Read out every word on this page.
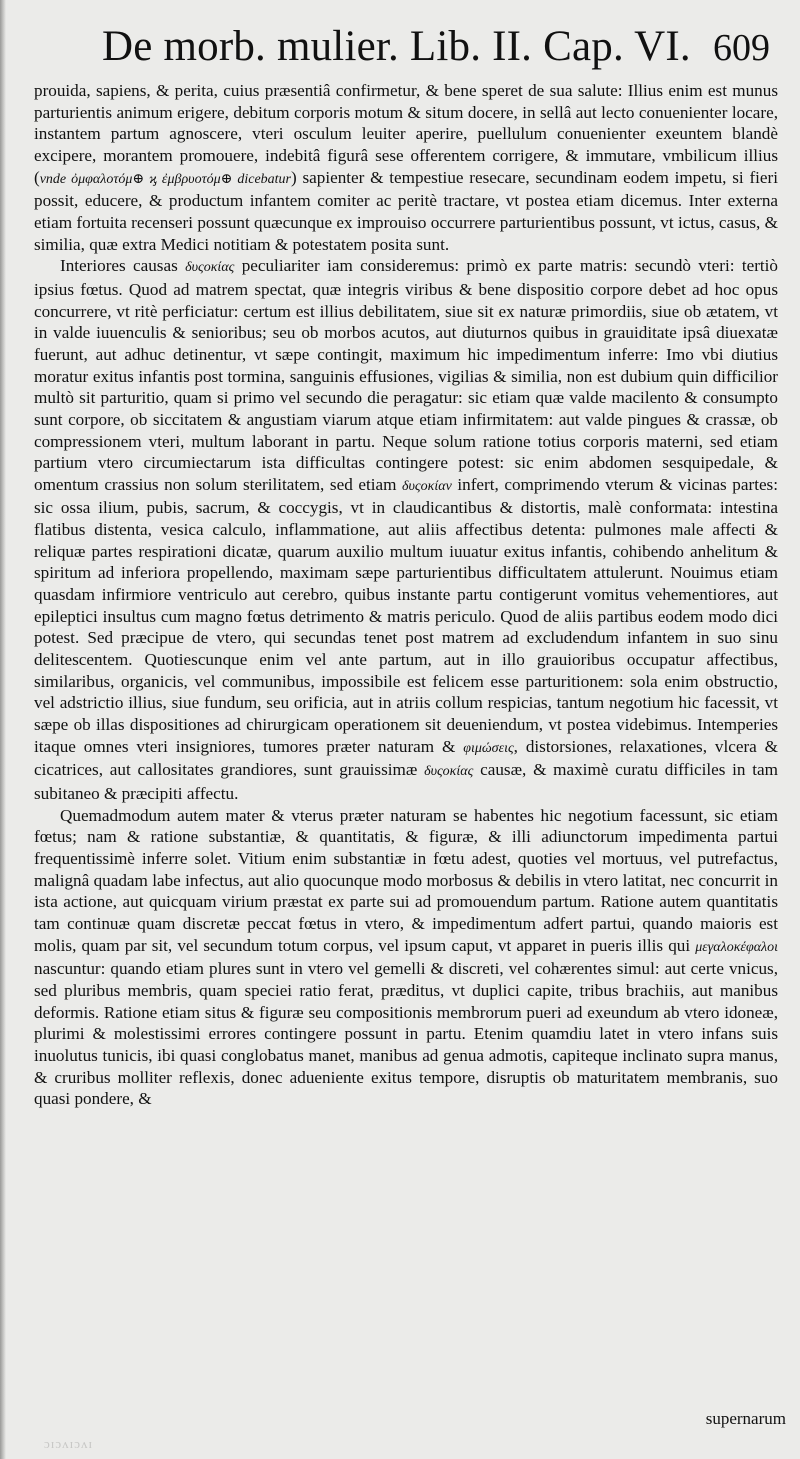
De morb. mulier. Lib. II. Cap. VI. 609

prouida, sapiens, & perita, cuius præsentiâ confirmetur, & bene speret de sua salute: Illius enim est munus parturientis animum erigere, debitum corporis motum & situm docere, in sellâ aut lecto conuenienter locare, instantem partum agnoscere, vteri osculum leuiter aperire, puellulum conuenienter exeuntem blandè excipere, morantem promouere, indebitâ figurâ sese offerentem corrigere, & immutare, vmbilicum illius (vnde ὀμφαλοτόμ⊕ ϗ ἐμβρυοτόμ⊕ dicebatur) sapienter & tempestiue resecare, secundinam eodem impetu, si fieri possit, educere, & productum infantem comiter ac peritè tractare, vt postea etiam dicemus. Inter externa etiam fortuita recenseri possunt quæcunque ex improuiso occurrere parturientibus possunt, vt ictus, casus, & similia, quæ extra Medici notitiam & potestatem posita sunt.

Interiores causas δυςοκίας peculiariter iam consideremus: primò ex parte matris: secundò vteri: tertiò ipsius fœtus. Quod ad matrem spectat, quæ integris viribus & bene dispositio corpore debet ad hoc opus concurrere, vt ritè perficiatur: certum est illius debilitatem, siue sit ex naturæ primordiis, siue ob ætatem, vt in valde iuuenculis & senioribus; seu ob morbos acutos, aut diuturnos quibus in grauiditate ipsâ diuexatæ fuerunt, aut adhuc detinentur, vt sæpe contingit, maximum hic impedimentum inferre: Imo vbi diutius moratur exitus infantis post tormina, sanguinis effusiones, vigilias & similia, non est dubium quin difficilior multò sit parturitio, quam si primo vel secundo die peragatur: sic etiam quæ valde macilento & consumpto sunt corpore, ob siccitatem & angustiam viarum atque etiam infirmitatem: aut valde pingues & crassæ, ob compressionem vteri, multum laborant in partu. Neque solum ratione totius corporis materni, sed etiam partium vtero circumiectarum ista difficultas contingere potest: sic enim abdomen sesquipedale, & omentum crassius non solum sterilitatem, sed etiam δυςοκίαν infert, comprimendo vterum & vicinas partes: sic ossa ilium, pubis, sacrum, & coccygis, vt in claudicantibus & distortis, malè conformata: intestina flatibus distenta, vesica calculo, inflammatione, aut aliis affectibus detenta: pulmones male affecti & reliquæ partes respirationi dicatæ, quarum auxilio multum iuuatur exitus infantis, cohibendo anhelitum & spiritum ad inferiora propellendo, maximam sæpe parturientibus difficultatem attulerunt. Nouimus etiam quasdam infirmiore ventriculo aut cerebro, quibus instante partu contigerunt vomitus vehementiores, aut epileptici insultus cum magno fœtus detrimento & matris periculo. Quod de aliis partibus eodem modo dici potest. Sed præcipue de vtero, qui secundas tenet post matrem ad excludendum infantem in suo sinu delitescentem. Quotiescunque enim vel ante partum, aut in illo grauioribus occupatur affectibus, similaribus, organicis, vel communibus, impossibile est felicem esse parturitionem: sola enim obstructio, vel adstrictio illius, siue fundum, seu orificia, aut in atriis collum respicias, tantum negotium hic facessit, vt sæpe ob illas dispositiones ad chirurgicam operationem sit deueniendum, vt postea videbimus. Intemperies itaque omnes vteri insigniores, tumores præter naturam & φιμώσεις, distorsiones, relaxationes, vlcera & cicatrices, aut callositates grandiores, sunt grauissimæ δυςοκίας causæ, & maximè curatu difficiles in tam subitaneo & præcipiti affectu.

Quemadmodum autem mater & vterus præter naturam se habentes hic negotium facessunt, sic etiam fœtus; nam & ratione substantiæ, & quantitatis, & figuræ, & illi adiunctorum impedimenta partui frequentissimè inferre solet. Vitium enim substantiæ in fœtu adest, quoties vel mortuus, vel putrefactus, malignâ quadam labe infectus, aut alio quocunque modo morbosus & debilis in vtero latitat, nec concurrit in ista actione, aut quicquam virium præstat ex parte sui ad promouendum partum. Ratione autem quantitatis tam continuæ quam discretæ peccat fœtus in vtero, & impedimentum adfert partui, quando maioris est molis, quam par sit, vel secundum totum corpus, vel ipsum caput, vt apparet in pueris illis qui μεγαλοκέφαλοι nascuntur: quando etiam plures sunt in vtero vel gemelli & discreti, vel cohærentes simul: aut certe vnicus, sed pluribus membris, quam speciei ratio ferat, præditus, vt duplici capite, tribus brachiis, aut manibus deformis. Ratione etiam situs & figuræ seu compositionis membrorum pueri ad exeundum ab vtero idoneæ, plurimi & molestissimi errores contingere possunt in partu. Etenim quamdiu latet in vtero infans suis inuolutus tunicis, ibi quasi conglobatus manet, manibus ad genua admotis, capiteque inclinato supra manus, & cruribus molliter reflexis, donec adueniente exitus tempore, disruptis ob maturitatem membranis, suo quasi pondere, &

supernarum
ɔɪɔʌɪɔʌɪ
